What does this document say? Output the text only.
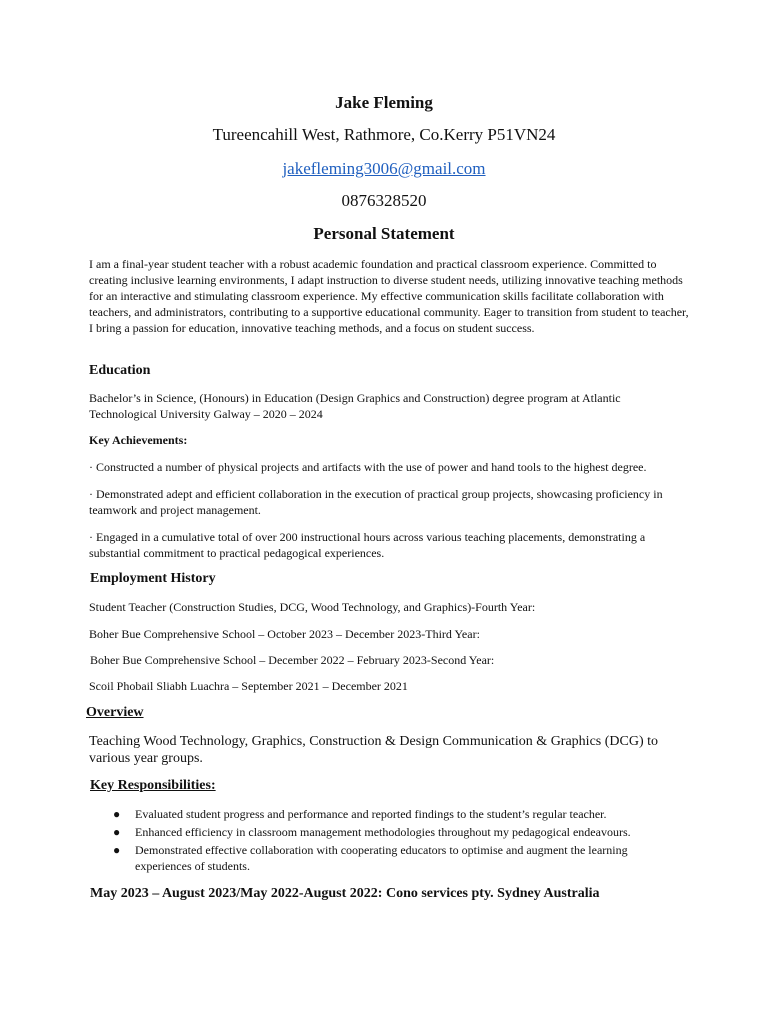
Jake Fleming
Tureencahill West, Rathmore, Co.Kerry P51VN24
jakefleming3006@gmail.com
0876328520
Personal Statement
I am a final-year student teacher with a robust academic foundation and practical classroom experience. Committed to creating inclusive learning environments, I adapt instruction to diverse student needs, utilizing innovative teaching methods for an interactive and stimulating classroom experience. My effective communication skills facilitate collaboration with teachers, and administrators, contributing to a supportive educational community. Eager to transition from student to teacher, I bring a passion for education, innovative teaching methods, and a focus on student success.
Education
Bachelor’s in Science, (Honours) in Education (Design Graphics and Construction) degree program at Atlantic Technological University Galway – 2020 – 2024
Key Achievements:
· Constructed a number of physical projects and artifacts with the use of power and hand tools to the highest degree.
· Demonstrated adept and efficient collaboration in the execution of practical group projects, showcasing proficiency in teamwork and project management.
· Engaged in a cumulative total of over 200 instructional hours across various teaching placements, demonstrating a substantial commitment to practical pedagogical experiences.
Employment History
Student Teacher (Construction Studies, DCG, Wood Technology, and Graphics)-Fourth Year:
Boher Bue Comprehensive School – October 2023 – December 2023-Third Year:
Boher Bue Comprehensive School – December 2022 – February 2023-Second Year:
Scoil Phobail Sliabh Luachra – September 2021 – December 2021
Overview
Teaching Wood Technology, Graphics, Construction & Design Communication & Graphics (DCG) to various year groups.
Key Responsibilities:
● Evaluated student progress and performance and reported findings to the student’s regular teacher.
● Enhanced efficiency in classroom management methodologies throughout my pedagogical endeavours.
● Demonstrated effective collaboration with cooperating educators to optimise and augment the learning experiences of students.
May 2023 – August 2023/May 2022-August 2022: Cono services pty. Sydney Australia
